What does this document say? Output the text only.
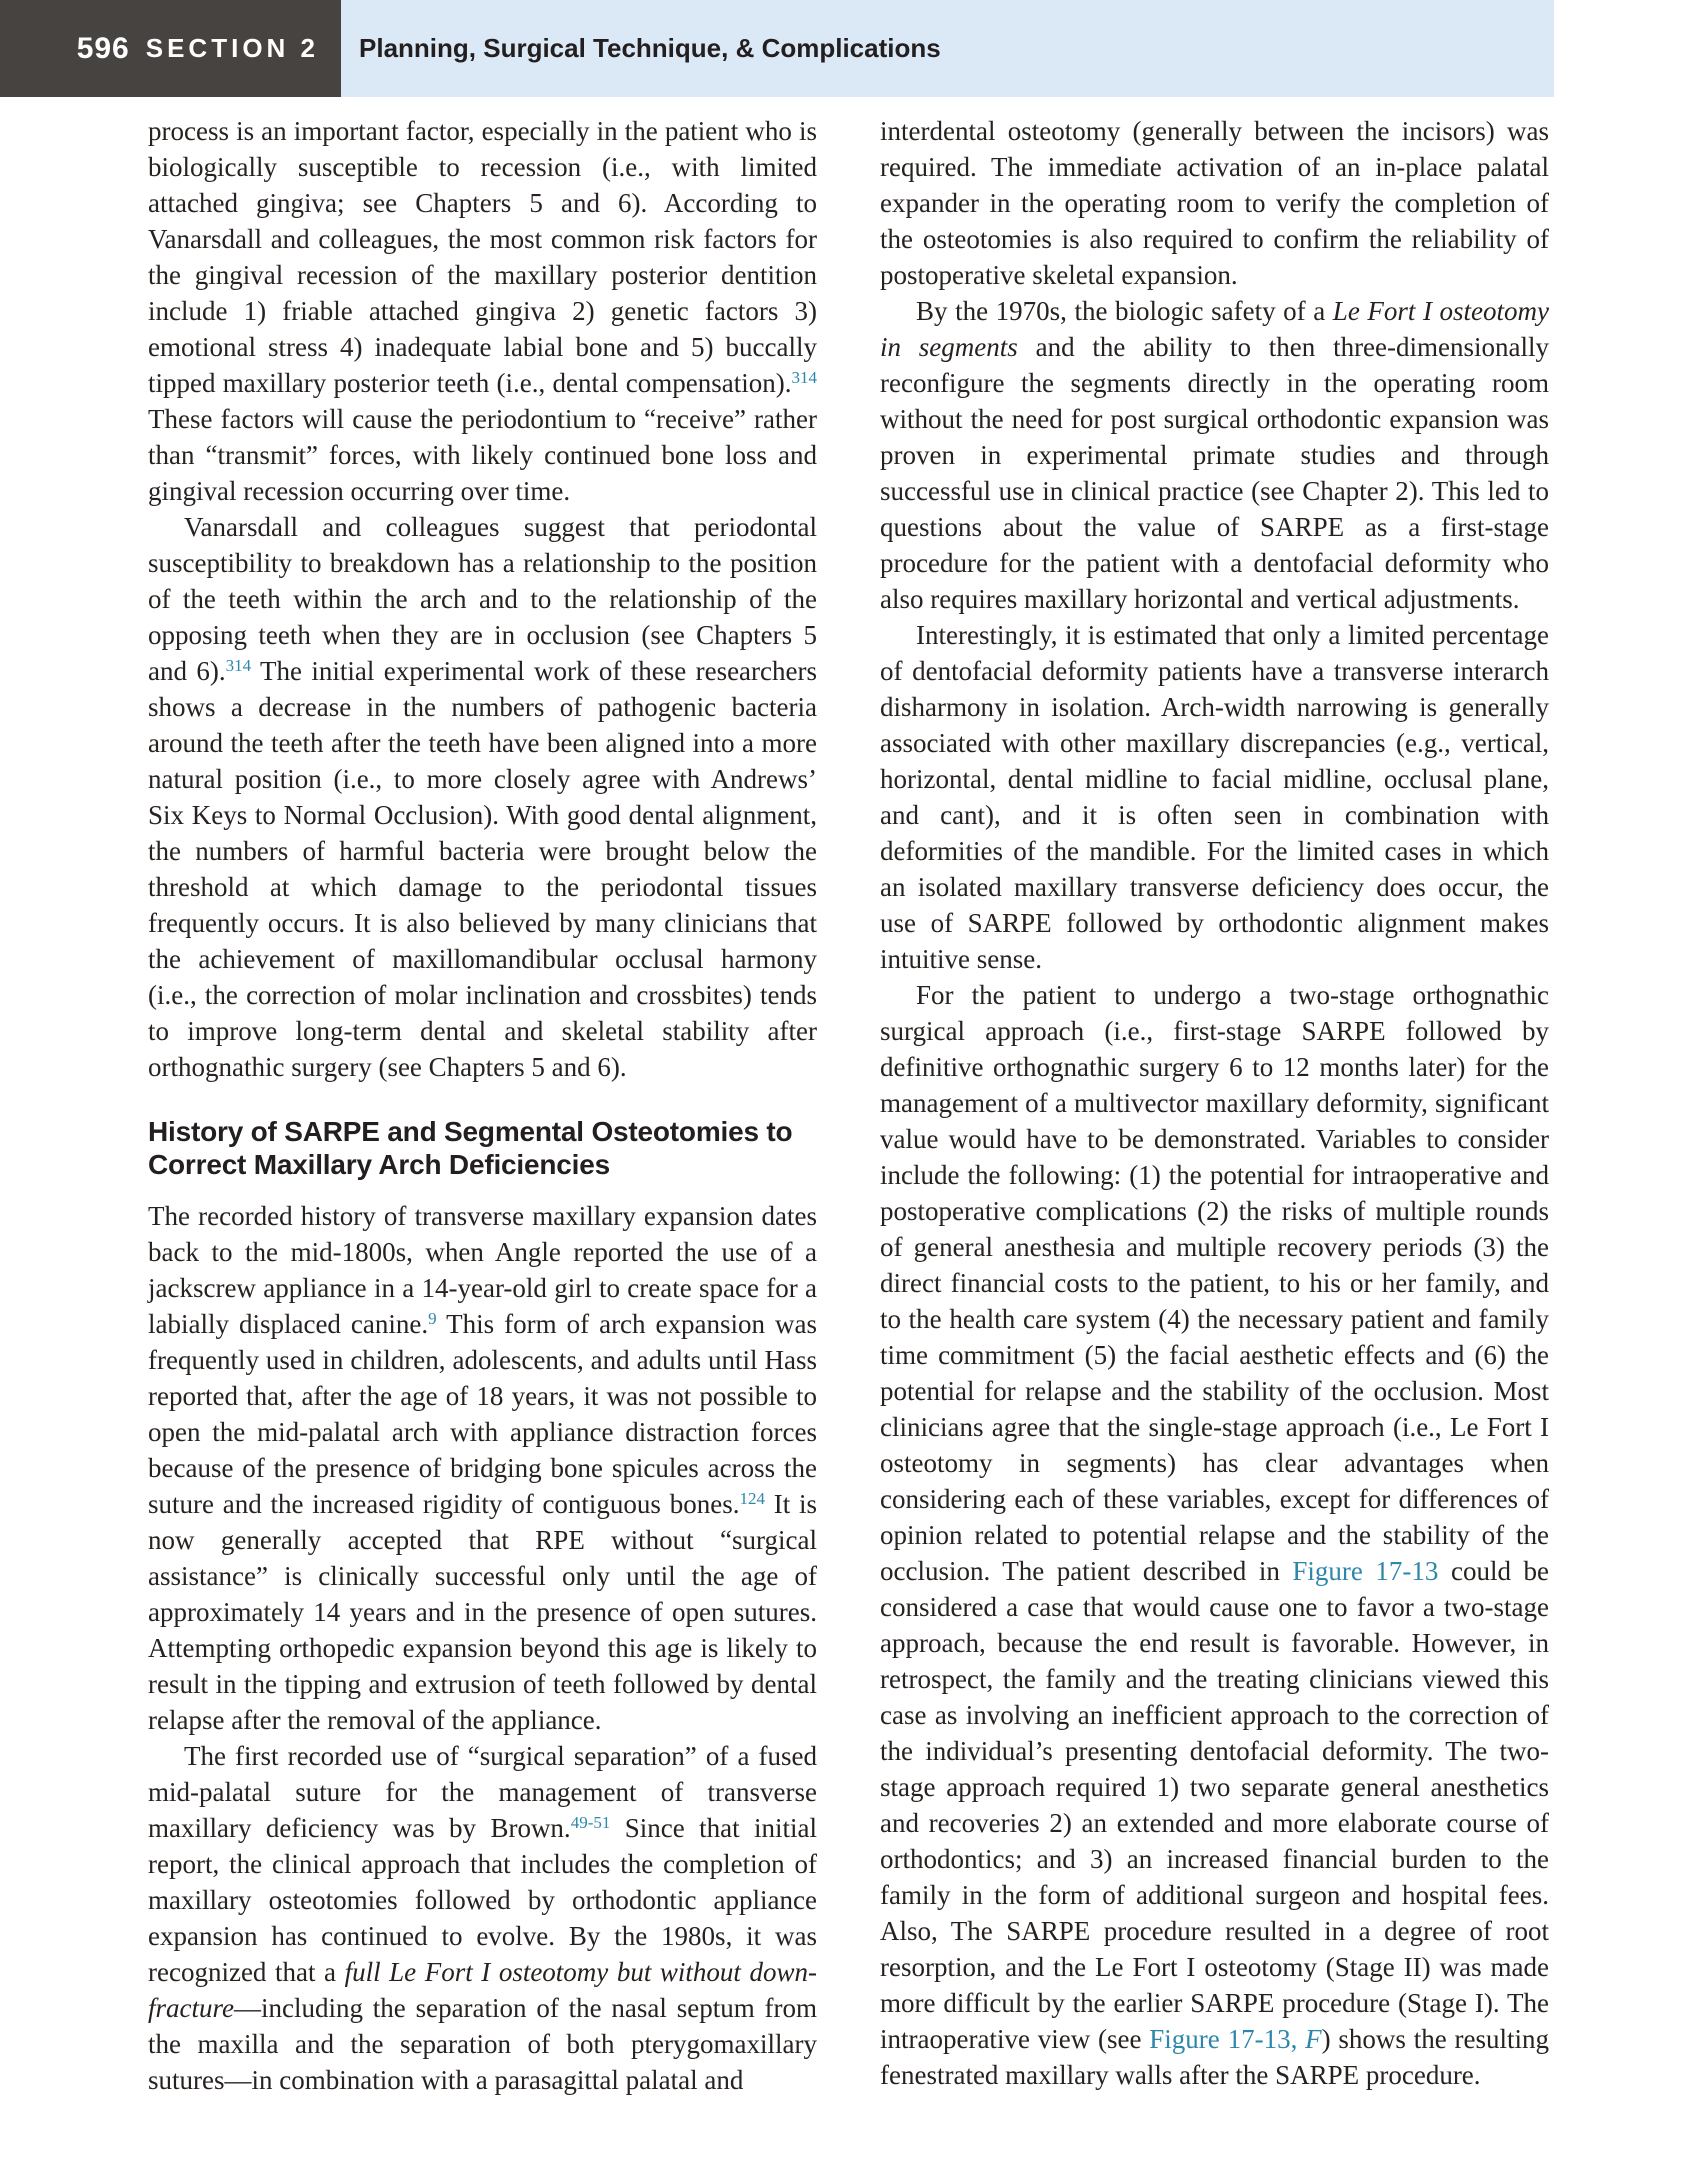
596 SECTION 2 Planning, Surgical Technique, & Complications

process is an important factor, especially in the patient who is biologically susceptible to recession (i.e., with limited attached gingiva; see Chapters 5 and 6). According to Vanarsdall and colleagues, the most common risk factors for the gingival recession of the maxillary posterior dentition include 1) friable attached gingiva 2) genetic factors 3) emotional stress 4) inadequate labial bone and 5) buccally tipped maxillary posterior teeth (i.e., dental compensation).$^{314}$ These factors will cause the periodontium to “receive” rather than “transmit” forces, with likely continued bone loss and gingival recession occurring over time.

Vanarsdall and colleagues suggest that periodontal susceptibility to breakdown has a relationship to the position of the teeth within the arch and to the relationship of the opposing teeth when they are in occlusion (see Chapters 5 and 6).$^{314}$ The initial experimental work of these researchers shows a decrease in the numbers of pathogenic bacteria around the teeth after the teeth have been aligned into a more natural position (i.e., to more closely agree with Andrews’ Six Keys to Normal Occlusion). With good dental alignment, the numbers of harmful bacteria were brought below the threshold at which damage to the periodontal tissues frequently occurs. It is also believed by many clinicians that the achievement of maxillomandibular occlusal harmony (i.e., the correction of molar inclination and crossbites) tends to improve long-term dental and skeletal stability after orthognathic surgery (see Chapters 5 and 6).

History of SARPE and Segmental Osteotomies to Correct Maxillary Arch Deficiencies

The recorded history of transverse maxillary expansion dates back to the mid-1800s, when Angle reported the use of a jackscrew appliance in a 14-year-old girl to create space for a labially displaced canine.$^9$ This form of arch expansion was frequently used in children, adolescents, and adults until Hass reported that, after the age of 18 years, it was not possible to open the mid-palatal arch with appliance distraction forces because of the presence of bridging bone spicules across the suture and the increased rigidity of contiguous bones.$^{124}$ It is now generally accepted that RPE without “surgical assistance” is clinically successful only until the age of approximately 14 years and in the presence of open sutures. Attempting orthopedic expansion beyond this age is likely to result in the tipping and extrusion of teeth followed by dental relapse after the removal of the appliance.

The first recorded use of “surgical separation” of a fused mid-palatal suture for the management of transverse maxillary deficiency was by Brown.$^{49-51}$ Since that initial report, the clinical approach that includes the completion of maxillary osteotomies followed by orthodontic appliance expansion has continued to evolve. By the 1980s, it was recognized that a full Le Fort I osteotomy but without down-fracture—including the separation of the nasal septum from the maxilla and the separation of both pterygomaxillary sutures—in combination with a parasagittal palatal and

interdental osteotomy (generally between the incisors) was required. The immediate activation of an in-place palatal expander in the operating room to verify the completion of the osteotomies is also required to confirm the reliability of postoperative skeletal expansion.

By the 1970s, the biologic safety of a Le Fort I osteotomy in segments and the ability to then three-dimensionally reconfigure the segments directly in the operating room without the need for post surgical orthodontic expansion was proven in experimental primate studies and through successful use in clinical practice (see Chapter 2). This led to questions about the value of SARPE as a first-stage procedure for the patient with a dentofacial deformity who also requires maxillary horizontal and vertical adjustments.

Interestingly, it is estimated that only a limited percentage of dentofacial deformity patients have a transverse interarch disharmony in isolation. Arch-width narrowing is generally associated with other maxillary discrepancies (e.g., vertical, horizontal, dental midline to facial midline, occlusal plane, and cant), and it is often seen in combination with deformities of the mandible. For the limited cases in which an isolated maxillary transverse deficiency does occur, the use of SARPE followed by orthodontic alignment makes intuitive sense.

For the patient to undergo a two-stage orthognathic surgical approach (i.e., first-stage SARPE followed by definitive orthognathic surgery 6 to 12 months later) for the management of a multivector maxillary deformity, significant value would have to be demonstrated. Variables to consider include the following: (1) the potential for intraoperative and postoperative complications (2) the risks of multiple rounds of general anesthesia and multiple recovery periods (3) the direct financial costs to the patient, to his or her family, and to the health care system (4) the necessary patient and family time commitment (5) the facial aesthetic effects and (6) the potential for relapse and the stability of the occlusion. Most clinicians agree that the single-stage approach (i.e., Le Fort I osteotomy in segments) has clear advantages when considering each of these variables, except for differences of opinion related to potential relapse and the stability of the occlusion. The patient described in Figure 17-13 could be considered a case that would cause one to favor a two-stage approach, because the end result is favorable. However, in retrospect, the family and the treating clinicians viewed this case as involving an inefficient approach to the correction of the individual’s presenting dentofacial deformity. The two-stage approach required 1) two separate general anesthetics and recoveries 2) an extended and more elaborate course of orthodontics; and 3) an increased financial burden to the family in the form of additional surgeon and hospital fees. Also, The SARPE procedure resulted in a degree of root resorption, and the Le Fort I osteotomy (Stage II) was made more difficult by the earlier SARPE procedure (Stage I). The intraoperative view (see Figure 17-13, F) shows the resulting fenestrated maxillary walls after the SARPE procedure.
